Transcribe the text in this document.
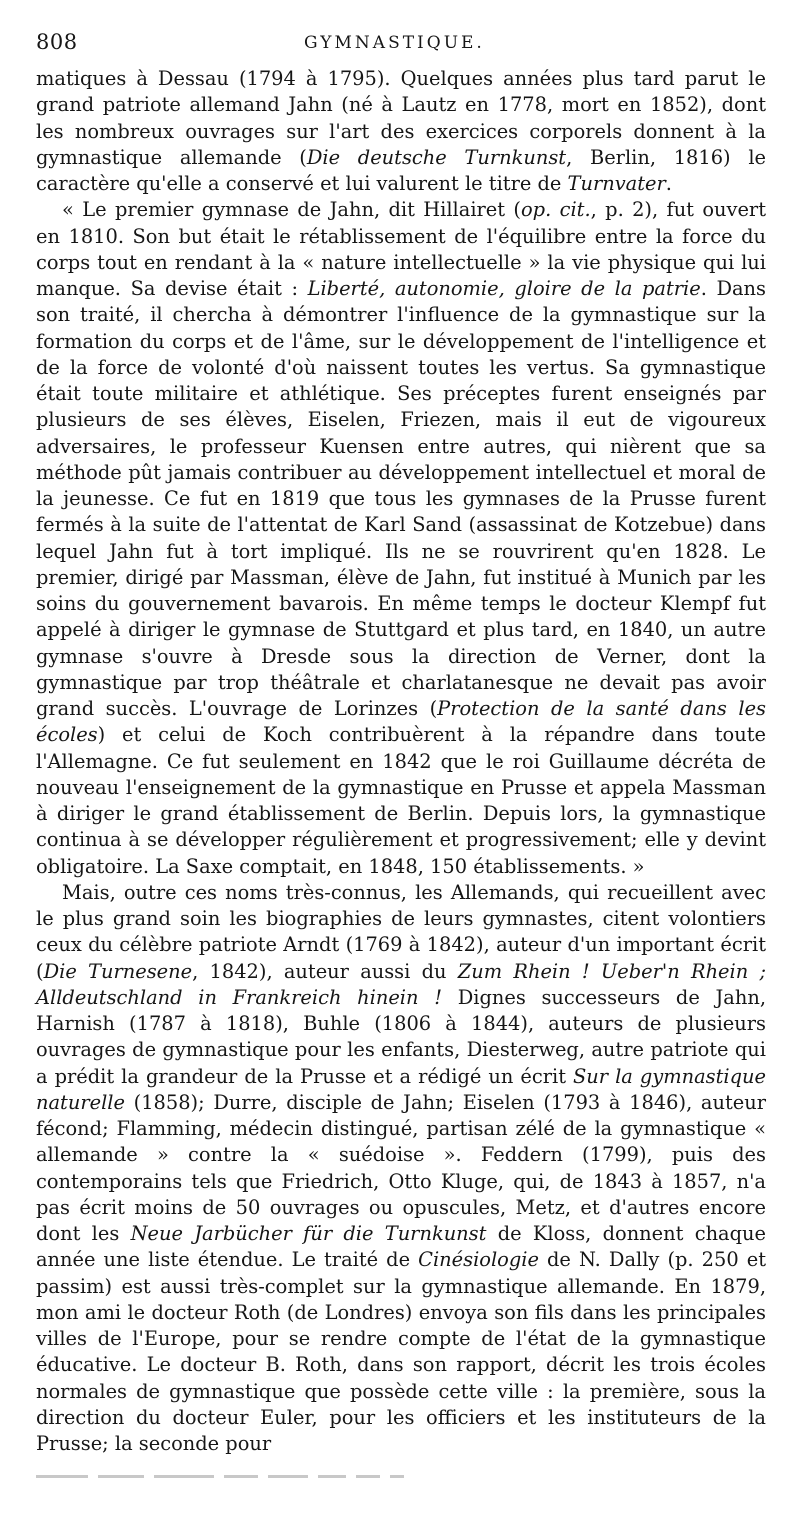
808	GYMNASTIQUE.

matiques à Dessau (1794 à 1795). Quelques années plus tard parut le grand patriote allemand Jahn (né à Lautz en 1778, mort en 1852), dont les nombreux ouvrages sur l'art des exercices corporels donnent à la gymnastique allemande (Die deutsche Turnkunst, Berlin, 1816) le caractère qu'elle a conservé et lui valurent le titre de Turnvater.

« Le premier gymnase de Jahn, dit Hillairet (op. cit., p. 2), fut ouvert en 1810. Son but était le rétablissement de l'équilibre entre la force du corps tout en rendant à la « nature intellectuelle » la vie physique qui lui manque. Sa devise était : Liberté, autonomie, gloire de la patrie. Dans son traité, il chercha à démontrer l'influence de la gymnastique sur la formation du corps et de l'âme, sur le développement de l'intelligence et de la force de volonté d'où naissent toutes les vertus. Sa gymnastique était toute militaire et athlétique. Ses préceptes furent enseignés par plusieurs de ses élèves, Eiselen, Friezen, mais il eut de vigoureux adversaires, le professeur Kuensen entre autres, qui nièrent que sa méthode pût jamais contribuer au développement intellectuel et moral de la jeunesse. Ce fut en 1819 que tous les gymnases de la Prusse furent fermés à la suite de l'attentat de Karl Sand (assassinat de Kotzebue) dans lequel Jahn fut à tort impliqué. Ils ne se rouvrirent qu'en 1828. Le premier, dirigé par Massman, élève de Jahn, fut institué à Munich par les soins du gouvernement bavarois. En même temps le docteur Klempf fut appelé à diriger le gymnase de Stuttgard et plus tard, en 1840, un autre gymnase s'ouvre à Dresde sous la direction de Verner, dont la gymnastique par trop théâtrale et charlatanesque ne devait pas avoir grand succès. L'ouvrage de Lorinzes (Protection de la santé dans les écoles) et celui de Koch contribuèrent à la répandre dans toute l'Allemagne. Ce fut seulement en 1842 que le roi Guillaume décréta de nouveau l'enseignement de la gymnastique en Prusse et appela Massman à diriger le grand établissement de Berlin. Depuis lors, la gymnastique continua à se développer régulièrement et progressivement; elle y devint obligatoire. La Saxe comptait, en 1848, 150 établissements. »

Mais, outre ces noms très-connus, les Allemands, qui recueillent avec le plus grand soin les biographies de leurs gymnastes, citent volontiers ceux du célèbre patriote Arndt (1769 à 1842), auteur d'un important écrit (Die Turnesene, 1842), auteur aussi du Zum Rhein ! Ueber'n Rhein ; Alldeutschland in Frankreich hinein ! Dignes successeurs de Jahn, Harnish (1787 à 1818), Buhle (1806 à 1844), auteurs de plusieurs ouvrages de gymnastique pour les enfants, Diesterweg, autre patriote qui a prédit la grandeur de la Prusse et a rédigé un écrit Sur la gymnastique naturelle (1858); Durre, disciple de Jahn; Eiselen (1793 à 1846), auteur fécond; Flamming, médecin distingué, partisan zélé de la gymnastique « allemande » contre la « suédoise ». Feddern (1799), puis des contemporains tels que Friedrich, Otto Kluge, qui, de 1843 à 1857, n'a pas écrit moins de 50 ouvrages ou opuscules, Metz, et d'autres encore dont les Neue Jarbücher für die Turnkunst de Kloss, donnent chaque année une liste étendue. Le traité de Cinésiologie de N. Dally (p. 250 et passim) est aussi très-complet sur la gymnastique allemande. En 1879, mon ami le docteur Roth (de Londres) envoya son fils dans les principales villes de l'Europe, pour se rendre compte de l'état de la gymnastique éducative. Le docteur B. Roth, dans son rapport, décrit les trois écoles normales de gymnastique que possède cette ville : la première, sous la direction du docteur Euler, pour les officiers et les instituteurs de la Prusse; la seconde pour
